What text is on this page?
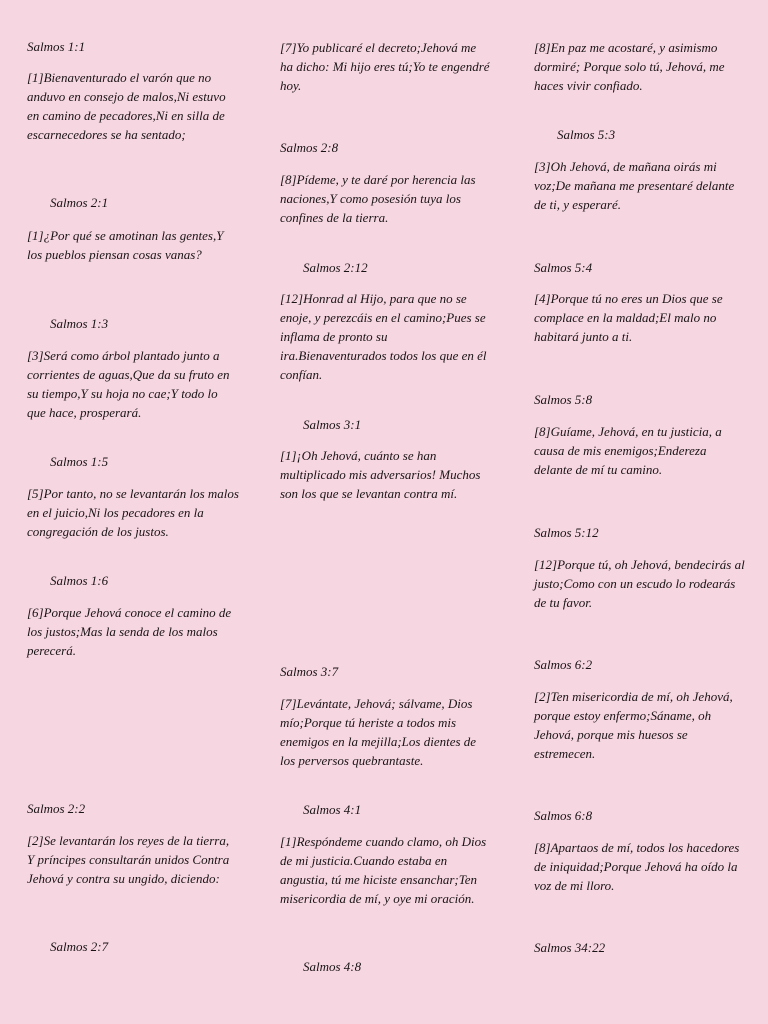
Salmos 1:1
[1]Bienaventurado el varón que no anduvo en consejo de malos,Ni estuvo en camino de pecadores,Ni en silla de escarnecedores se ha sentado;
Salmos 2:1
[1]¿Por qué se amotinan las gentes,Y los pueblos piensan cosas vanas?
Salmos 1:3
[3]Será como árbol plantado junto a corrientes de aguas,Que da su fruto en su tiempo,Y su hoja no cae;Y todo lo que hace, prosperará.
Salmos 1:5
[5]Por tanto, no se levantarán los malos en el juicio,Ni los pecadores en la congregación de los justos.
Salmos 1:6
[6]Porque Jehová conoce el camino de los justos;Mas la senda de los malos perecerá.
Salmos 2:2
[2]Se levantarán los reyes de la tierra, Y príncipes consultarán unidos Contra Jehová y contra su ungido, diciendo:
Salmos 2:7
[7]Yo publicaré el decreto;Jehová me ha dicho: Mi hijo eres tú;Yo te engendré hoy.
Salmos 2:8
[8]Pídeme, y te daré por herencia las naciones,Y como posesión tuya los confines de la tierra.
Salmos 2:12
[12]Honrad al Hijo, para que no se enoje, y perezcáis en el camino;Pues se inflama de pronto su ira.Bienaventurados todos los que en él confían.
Salmos 3:1
[1]¡Oh Jehová, cuánto se han multiplicado mis adversarios! Muchos son los que se levantan contra mí.
Salmos 3:7
[7]Levántate, Jehová; sálvame, Dios mío;Porque tú heriste a todos mis enemigos en la mejilla;Los dientes de los perversos quebrantaste.
Salmos 4:1
[1]Respóndeme cuando clamo, oh Dios de mi justicia.Cuando estaba en angustia, tú me hiciste ensanchar;Ten misericordia de mí, y oye mi oración.
Salmos 4:8
[8]En paz me acostaré, y asimismo dormiré; Porque solo tú, Jehová, me haces vivir confiado.
Salmos 5:3
[3]Oh Jehová, de mañana oirás mi voz;De mañana me presentaré delante de ti, y esperaré.
Salmos 5:4
[4]Porque tú no eres un Dios que se complace en la maldad;El malo no habitará junto a ti.
Salmos 5:8
[8]Guíame, Jehová, en tu justicia, a causa de mis enemigos;Endereza delante de mí tu camino.
Salmos 5:12
[12]Porque tú, oh Jehová, bendecirás al justo;Como con un escudo lo rodearás de tu favor.
Salmos 6:2
[2]Ten misericordia de mí, oh Jehová, porque estoy enfermo;Sáname, oh Jehová, porque mis huesos se estremecen.
Salmos 6:8
[8]Apartaos de mí, todos los hacedores de iniquidad;Porque Jehová ha oído la voz de mi lloro.
Salmos 34:22
